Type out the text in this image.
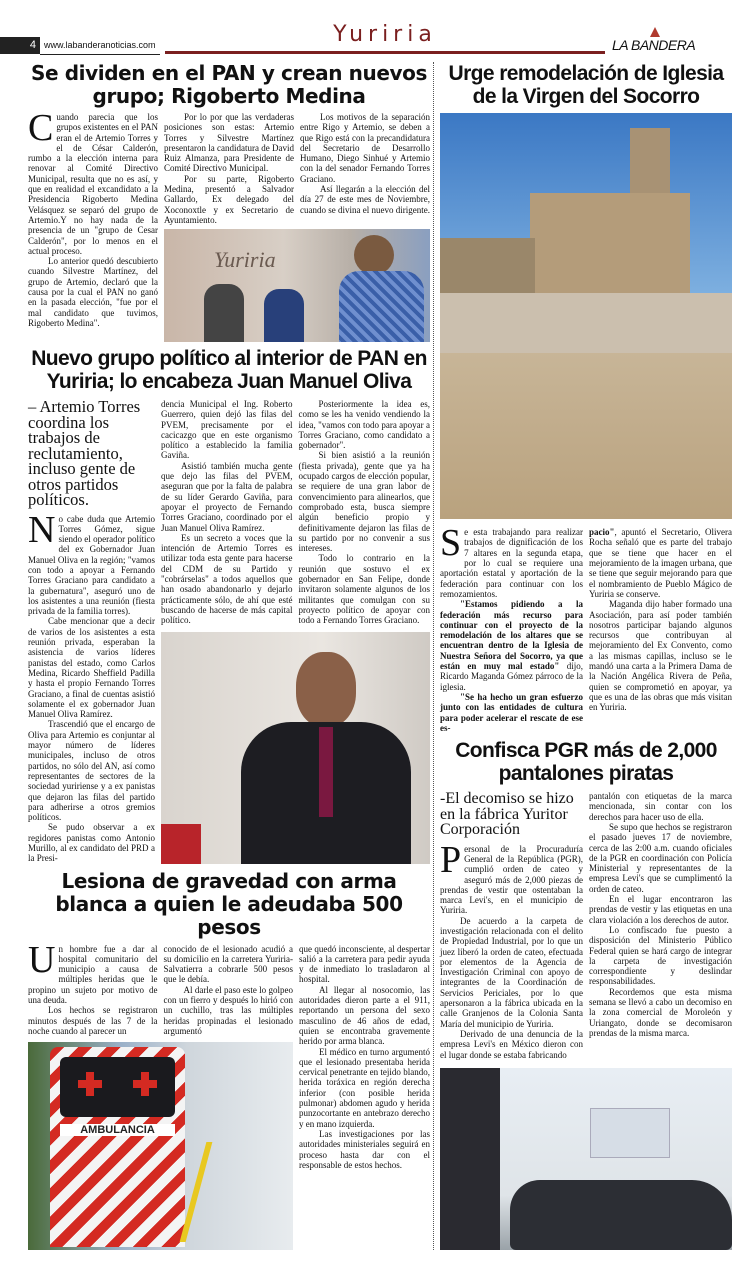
4 www.labanderanoticias.com	Yuriria	LA BANDERA
Se dividen en el PAN y crean nuevos grupo; Rigoberto Medina

Cuando parecia que los grupos existentes en el PAN eran el de Artemio Torres y el de César Calderón, rumbo a la elección interna para renovar al Comité Directivo Municipal, resulta que no es así, y que en realidad el excandidato a la Presidencia Rigoberto Medina Velásquez se separó del grupo de Artemio.Y no hay nada de la presencia de un "grupo de Cesar Calderón", por lo menos en el actual proceso.

Lo anterior quedó descubierto cuando Silvestre Martínez, del grupo de Artemio, declaró que la causa por la cual el PAN no ganó en la pasada elección, "fue por el mal candidato que tuvimos, Rigoberto Medina".

Por lo por que las verdaderas posiciones son estas: Artemio Torres y Silvestre Martínez presentaron la candidatura de David Ruiz Almanza, para Presidente de Comité Directivo Municipal.

Por su parte, Rigoberto Medina, presentó a Salvador Gallardo, Ex delegado del Xoconoxtle y ex Secretario de Ayuntamiento.

Los motivos de la separación entre Rigo y Artemio, se deben a que Rigo está con la precandidatura del Secretario de Desarrollo Humano, Diego Sinhué y Artemio con la del senador Fernando Torres Graciano.

Así llegarán a la elección del día 27 de este mes de Noviembre, cuando se divina el nuevo dirigente.

Yuriria
Nuevo grupo político al interior de PAN en Yuriria; lo encabeza Juan Manuel Oliva
– Artemio Torres coordina los trabajos de reclutamiento, incluso gente de otros partidos políticos.

No cabe duda que Artemio Torres Gómez, sigue siendo el operador político del ex Gobernador Juan Manuel Oliva en la región; "vamos con todo a apoyar a Fernando Torres Graciano para candidato a la gubernatura", aseguró uno de los asistentes a una reunión (fiesta privada de la familia torres).

Cabe mencionar que a decir de varios de los asistentes a esta reunión privada, esperaban la asistencia de varios líderes panistas del estado, como Carlos Medina, Ricardo Sheffield Padilla y hasta el propio Fernando Torres Graciano, a final de cuentas asistió solamente el ex gobernador Juan Manuel Oliva Ramírez.

Trascendió que el encargo de Oliva para Artemio es conjuntar al mayor número de líderes municipales, incluso de otros partidos, no sólo del AN, así como representantes de sectores de la sociedad yuririense y a ex panistas que dejaron las filas del partido para adherirse a otros gremios políticos.

Se pudo observar a ex regidores panistas como Antonio Murillo, al ex candidato del PRD a la Presi-

dencia Municipal el Ing. Roberto Guerrero, quien dejó las filas del PVEM, precisamente por el cacicazgo que en este organismo político a establecido la familia Gaviña.

Asistió también mucha gente que dejo las filas del PVEM, aseguran que por la falta de palabra de su líder Gerardo Gaviña, para apoyar el proyecto de Fernando Torres Graciano, coordinado por el Juan Manuel Oliva Ramírez.

Es un secreto a voces que la intención de Artemio Torres es utilizar toda esta gente para hacerse del CDM de su Partido y "cobrárselas" a todos aquellos que han osado abandonarlo y dejarlo prácticamente sólo, de ahí que esté buscando de hacerse de más capital político.

Posteriormente la idea es, como se les ha venido vendiendo la idea, "vamos con todo para apoyar a Torres Graciano, como candidato a gobernador".

Si bien asistió a la reunión (fiesta privada), gente que ya ha ocupado cargos de elección popular, se requiere de una gran labor de convencimiento para alinearlos, que comprobado esta, busca siempre algún beneficio propio y definitivamente dejaron las filas de su partido por no convenir a sus intereses.

Todo lo contrario en la reunión que sostuvo el ex gobernador en San Felipe, donde invitaron solamente algunos de los militantes que comulgan con su proyecto político de apoyar con todo a Fernando Torres Graciano.

Lesiona de gravedad con arma blanca a quien le adeudaba 500 pesos

Un hombre fue a dar al hospital comunitario del municipio a causa de múltiples heridas que le propino un sujeto por motivo de una deuda.

Los hechos se registraron minutos después de las 7 de la noche cuando al parecer un

conocido de el lesionado acudió a su domicilio en la carretera Yuriria-Salvatierra a cobrarle 500 pesos que le debía.

Al darle el paso este lo golpeo con un fierro y después lo hirió con un cuchillo, tras las múltiples heridas propinadas el lesionado argumentó

AMBULANCIA

que quedó inconsciente, al despertar salió a la carretera para pedir ayuda y de inmediato lo trasladaron al hospital.

Al llegar al nosocomio, las autoridades dieron parte a el 911, reportando un persona del sexo masculino de 46 años de edad, quien se encontraba gravemente herido por arma blanca.

El médico en turno argumentó que el lesionado presentaba herida cervical penetrante en tejido blando, herida toráxica en región derecha inferior (con posible herida pulmonar) abdomen agudo y herida punzocortante en antebrazo derecho y en mano izquierda.

Las investigaciones por las autoridades ministeriales seguirá en proceso hasta dar con el responsable de estos hechos.

Urge remodelación de Iglesia de la Virgen del Socorro

Se esta trabajando para realizar trabajos de dignificación de los 7 altares en la segunda etapa, por lo cual se requiere una aportación estatal y aportación de la federación para continuar con los remozamientos.

"Estamos pidiendo a la federación más recurso para continuar con el proyecto de la remodelación de los altares que se encuentran dentro de la Iglesia de Nuestra Señora del Socorro, ya que están en muy mal estado" dijo, Ricardo Maganda Gómez párroco de la iglesia.

"Se ha hecho un gran esfuerzo junto con las entidades de cultura para poder acelerar el rescate de ese es-

pacio", apuntó el Secretario, Olivera Rocha señaló que es parte del trabajo que se tiene que hacer en el mejoramiento de la imagen urbana, que se tiene que seguir mejorando para que el nombramiento de Pueblo Mágico de Yuriria se conserve.

Maganda dijo haber formado una Asociación, para así poder también nosotros participar bajando algunos recursos que contribuyan al mejoramiento del Ex Convento, como a las mismas capillas, incluso se le mandó una carta a la Primera Dama de la Nación Angélica Rivera de Peña, quien se comprometió en apoyar, ya que es una de las obras que más visitan en Yuriria.

Confisca PGR más de 2,000 pantalones piratas
-El decomiso se hizo en la fábrica Yuritor Corporación

Personal de la Procuraduría General de la República (PGR), cumplió orden de cateo y aseguró más de 2,000 piezas de prendas de vestir que ostentaban la marca Levi's, en el municipio de Yuriria.

De acuerdo a la carpeta de investigación relacionada con el delito de Propiedad Industrial, por lo que un juez liberó la orden de cateo, efectuada por elementos de la Agencia de Investigación Criminal con apoyo de integrantes de la Coordinación de Servicios Periciales, por lo que apersonaron a la fábrica ubicada en la calle Granjenos de la Colonia Santa María del municipio de Yuriria.

Derivado de una denuncia de la empresa Levi's en México dieron con el lugar donde se estaba fabricando

pantalón con etiquetas de la marca mencionada, sin contar con los derechos para hacer uso de ella.

Se supo que hechos se registraron el pasado jueves 17 de noviembre, cerca de las 2:00 a.m. cuando oficiales de la PGR en coordinación con Policía Ministerial y representantes de la empresa Levi's que se cumplimentó la orden de cateo.

En el lugar encontraron las prendas de vestir y las etiquetas en una clara violación a los derechos de autor.

Lo confiscado fue puesto a disposición del Ministerio Público Federal quien se hará cargo de integrar la carpeta de investigación correspondiente y deslindar responsabilidades.

Recordemos que esta misma semana se llevó a cabo un decomiso en la zona comercial de Moroleón y Uriangato, donde se decomisaron prendas de la misma marca.
